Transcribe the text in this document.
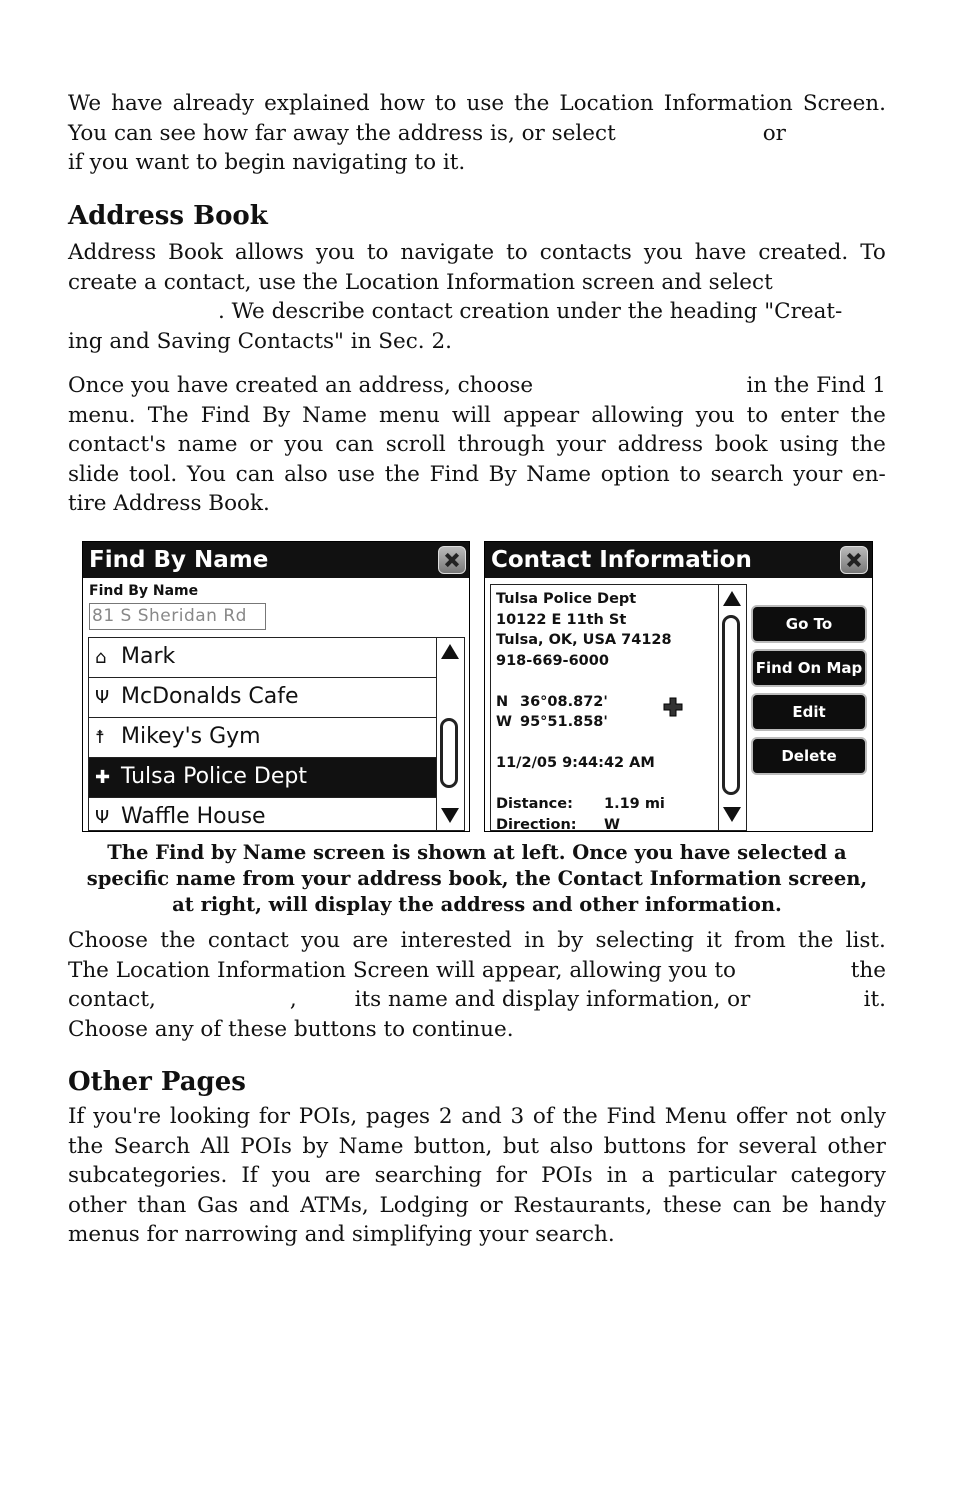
We have already explained how to use the Location Information Screen.
You can see how far away the address is, or select	or
if you want to begin navigating to it.
Address Book
Address Book allows you to navigate to contacts you have created. To
create a contact, use the Location Information screen and select
. We describe contact creation under the heading "Creat-
ing and Saving Contacts" in Sec. 2.
Once you have created an address, choose	in the Find 1
menu. The Find By Name menu will appear allowing you to enter the
contact's name or you can scroll through your address book using the
slide tool. You can also use the Find By Name option to search your en-
tire Address Book.
Find By Name
Find By Name
81 S Sheridan Rd
⌂ Mark
Ψ McDonalds Cafe
☨ Mikey's Gym
✚ Tulsa Police Dept
Ψ Waffle House
Contact Information
Tulsa Police Dept
10122 E 11th St
Tulsa, OK, USA 74128
918-669-6000

N 36°08.872'
W 95°51.858'

11/2/05 9:44:42 AM

Distance: 1.19 mi
Direction: W
Go To
Find On Map
Edit
Delete
The Find by Name screen is shown at left. Once you have selected a
specific name from your address book, the Contact Information screen,
at right, will display the address and other information.
Choose the contact you are interested in by selecting it from the list.
The Location Information Screen will appear, allowing you to	the
contact,	,	its name and display information, or	it.
Choose any of these buttons to continue.
Other Pages
If you're looking for POIs, pages 2 and 3 of the Find Menu offer not only
the Search All POIs by Name button, but also buttons for several other
subcategories. If you are searching for POIs in a particular category
other than Gas and ATMs, Lodging or Restaurants, these can be handy
menus for narrowing and simplifying your search.
